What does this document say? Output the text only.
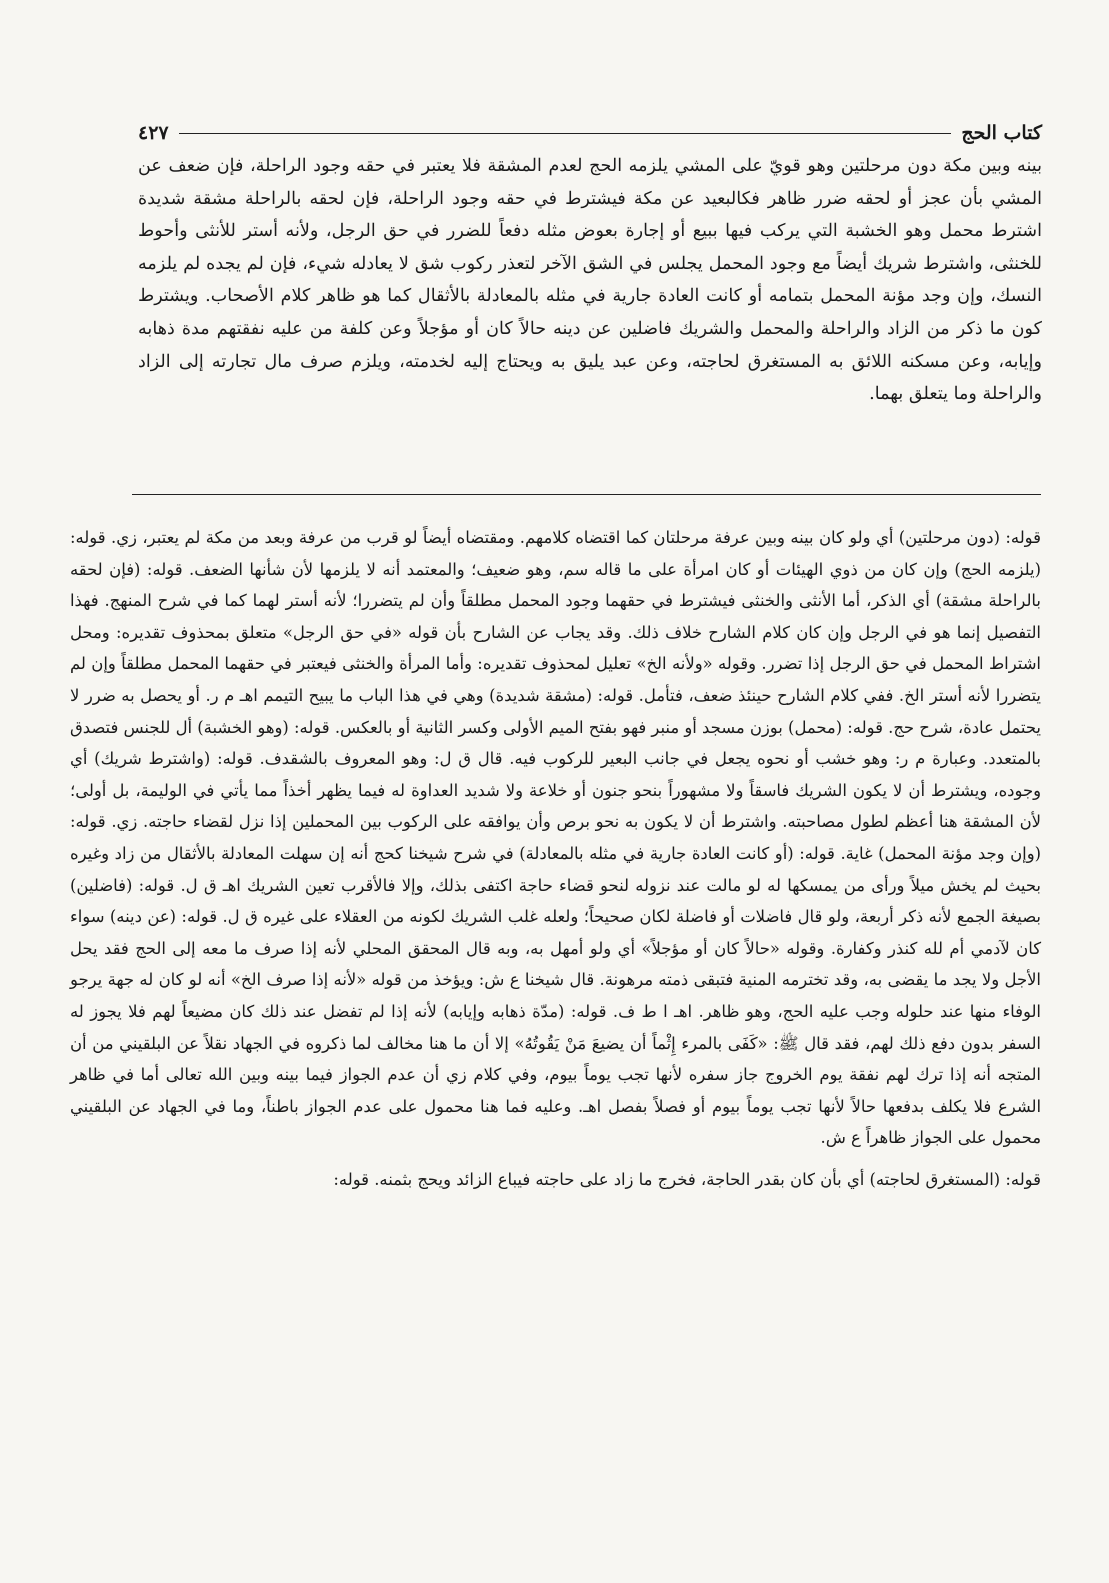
كتاب الحج
٤٢٧

بينه وبين مكة دون مرحلتين وهو قويّ على المشي يلزمه الحج لعدم المشقة فلا يعتبر في حقه وجود الراحلة، فإن ضعف عن المشي بأن عجز أو لحقه ضرر ظاهر فكالبعيد عن مكة فيشترط في حقه وجود الراحلة، فإن لحقه بالراحلة مشقة شديدة اشترط محمل وهو الخشبة التي يركب فيها ببيع أو إجارة بعوض مثله دفعاً للضرر في حق الرجل، ولأنه أستر للأنثى وأحوط للخنثى، واشترط شريك أيضاً مع وجود المحمل يجلس في الشق الآخر لتعذر ركوب شق لا يعادله شيء، فإن لم يجده لم يلزمه النسك، وإن وجد مؤنة المحمل بتمامه أو كانت العادة جارية في مثله بالمعادلة بالأثقال كما هو ظاهر كلام الأصحاب. ويشترط كون ما ذكر من الزاد والراحلة والمحمل والشريك فاضلين عن دينه حالاً كان أو مؤجلاً وعن كلفة من عليه نفقتهم مدة ذهابه وإيابه، وعن مسكنه اللائق به المستغرق لحاجته، وعن عبد يليق به ويحتاج إليه لخدمته، ويلزم صرف مال تجارته إلى الزاد والراحلة وما يتعلق بهما.

قوله: (دون مرحلتين) أي ولو كان بينه وبين عرفة مرحلتان كما اقتضاه كلامهم. ومقتضاه أيضاً لو قرب من عرفة وبعد من مكة لم يعتبر، زي. قوله: (يلزمه الحج) وإن كان من ذوي الهيئات أو كان امرأة على ما قاله سم، وهو ضعيف؛ والمعتمد أنه لا يلزمها لأن شأنها الضعف. قوله: (فإن لحقه بالراحلة مشقة) أي الذكر، أما الأنثى والخنثى فيشترط في حقهما وجود المحمل مطلقاً وأن لم يتضررا؛ لأنه أستر لهما كما في شرح المنهج. فهذا التفصيل إنما هو في الرجل وإن كان كلام الشارح خلاف ذلك. وقد يجاب عن الشارح بأن قوله «في حق الرجل» متعلق بمحذوف تقديره: ومحل اشتراط المحمل في حق الرجل إذا تضرر. وقوله «ولأنه الخ» تعليل لمحذوف تقديره: وأما المرأة والخنثى فيعتبر في حقهما المحمل مطلقاً وإن لم يتضررا لأنه أستر الخ. ففي كلام الشارح حينئذ ضعف، فتأمل. قوله: (مشقة شديدة) وهي في هذا الباب ما يبيح التيمم اهـ م ر. أو يحصل به ضرر لا يحتمل عادة، شرح حج. قوله: (محمل) بوزن مسجد أو منبر فهو بفتح الميم الأولى وكسر الثانية أو بالعكس. قوله: (وهو الخشبة) أل للجنس فتصدق بالمتعدد. وعبارة م ر: وهو خشب أو نحوه يجعل في جانب البعير للركوب فيه. قال ق ل: وهو المعروف بالشقدف. قوله: (واشترط شريك) أي وجوده، ويشترط أن لا يكون الشريك فاسقاً ولا مشهوراً بنحو جنون أو خلاعة ولا شديد العداوة له فيما يظهر أخذاً مما يأتي في الوليمة، بل أولى؛ لأن المشقة هنا أعظم لطول مصاحبته. واشترط أن لا يكون به نحو برص وأن يوافقه على الركوب بين المحملين إذا نزل لقضاء حاجته. زي. قوله: (وإن وجد مؤنة المحمل) غاية. قوله: (أو كانت العادة جارية في مثله بالمعادلة) في شرح شيخنا كحج أنه إن سهلت المعادلة بالأثقال من زاد وغيره بحيث لم يخش ميلاً ورأى من يمسكها له لو مالت عند نزوله لنحو قضاء حاجة اكتفى بذلك، وإلا فالأقرب تعين الشريك اهـ ق ل. قوله: (فاضلين) بصيغة الجمع لأنه ذكر أربعة، ولو قال فاضلات أو فاضلة لكان صحيحاً؛ ولعله غلب الشريك لكونه من العقلاء على غيره ق ل. قوله: (عن دينه) سواء كان لآدمي أم لله كنذر وكفارة. وقوله «حالاً كان أو مؤجلاً» أي ولو أمهل به، وبه قال المحقق المحلي لأنه إذا صرف ما معه إلى الحج فقد يحل الأجل ولا يجد ما يقضى به، وقد تخترمه المنية فتبقى ذمته مرهونة. قال شيخنا ع ش: ويؤخذ من قوله «لأنه إذا صرف الخ» أنه لو كان له جهة يرجو الوفاء منها عند حلوله وجب عليه الحج، وهو ظاهر. اهـ ا ط ف. قوله: (مدّة ذهابه وإيابه) لأنه إذا لم تفضل عند ذلك كان مضيعاً لهم فلا يجوز له السفر بدون دفع ذلك لهم، فقد قال ﷺ: «كَفَى بالمرء إِثْماً أن يضيعَ مَنْ يَقُوتُهُ» إلا أن ما هنا مخالف لما ذكروه في الجهاد نقلاً عن البلقيني من أن المتجه أنه إذا ترك لهم نفقة يوم الخروج جاز سفره لأنها تجب يوماً بيوم، وفي كلام زي أن عدم الجواز فيما بينه وبين الله تعالى أما في ظاهر الشرع فلا يكلف بدفعها حالاً لأنها تجب يوماً بيوم أو فصلاً بفصل اهـ. وعليه فما هنا محمول على عدم الجواز باطناً، وما في الجهاد عن البلقيني محمول على الجواز ظاهراً ع ش.

قوله: (المستغرق لحاجته) أي بأن كان بقدر الحاجة، فخرج ما زاد على حاجته فيباع الزائد ويحج بثمنه. قوله:
